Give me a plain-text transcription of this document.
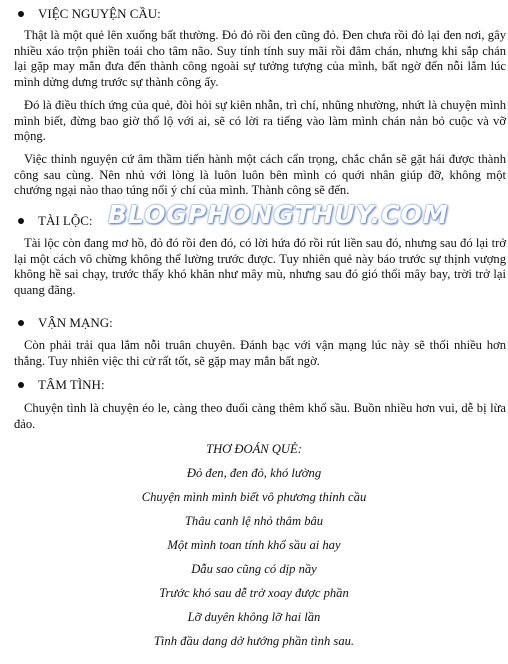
VIỆC NGUYỆN CẦU:

Thật là một quẻ lên xuống bất thường. Đỏ đỏ rồi đen cũng đỏ. Đen chưa rồi đỏ lại đen nơi, gây nhiều xáo trộn phiền toái cho tâm não. Suy tính tính suy mãi rồi đâm chán, nhưng khi sắp chán lại gặp may mắn đưa đến thành công ngoài sự tưởng tượng của mình, bất ngờ đến nỗi lắm lúc mình dửng dưng trước sự thành công ấy.

Đó là điều thích ứng của quẻ, đòi hỏi sự kiên nhẫn, trì chí, nhũng nhường, nhứt là chuyện mình mình biết, đừng bao giờ thổ lộ với ai, sẽ có lời ra tiếng vào làm mình chán nản bỏ cuộc và vỡ mộng.

Việc thỉnh nguyện cứ âm thầm tiến hành một cách cẩn trọng, chắc chắn sẽ gặt hái được thành công sau cùng. Nên nhủ với lòng là luôn luôn bên mình có quới nhân giúp đỡ, không một chướng ngại nào thao túng nổi ý chí của mình. Thành công sẽ đến.

BLOGPHONGTHUY.COM
TÀI LỘC:

Tài lộc còn đang mơ hồ, đỏ đó rồi đen đó, có lời hứa đó rồi rút liền sau đó, nhưng sau đó lại trở lại một cách vô chừng không thể lường trước được. Tuy nhiên quẻ này báo trước sự thịnh vượng không hề sai chạy, trước thấy khó khăn như mây mù, nhưng sau đó gió thổi mây bay, trời trở lại quang đãng.

VẬN MẠNG:

Còn phải trải qua lắm nỗi truân chuyên. Đánh bạc với vận mạng lúc này sẽ thối nhiều hơn thắng. Tuy nhiên việc thi cử rất tốt, sẽ gặp may mắn bất ngờ.

TÂM TÌNH:

Chuyện tình là chuyện éo le, càng theo đuổi càng thêm khổ sầu. Buồn nhiều hơn vui, dễ bị lừa đảo.

THƠ ĐOÁN QUẺ:
Đỏ đen, đen đỏ, khó lường
Chuyện mình mình biết vô phương thỉnh cầu
Thâu canh lệ nhỏ thâm bâu
Một mình toan tính khổ sầu ai hay
Dẫu sao cũng có dịp nầy
Trước khó sau dễ trở xoay được phần
Lỡ duyên không lỡ hai lần
Tình đầu dang dở hướng phần tình sau.
